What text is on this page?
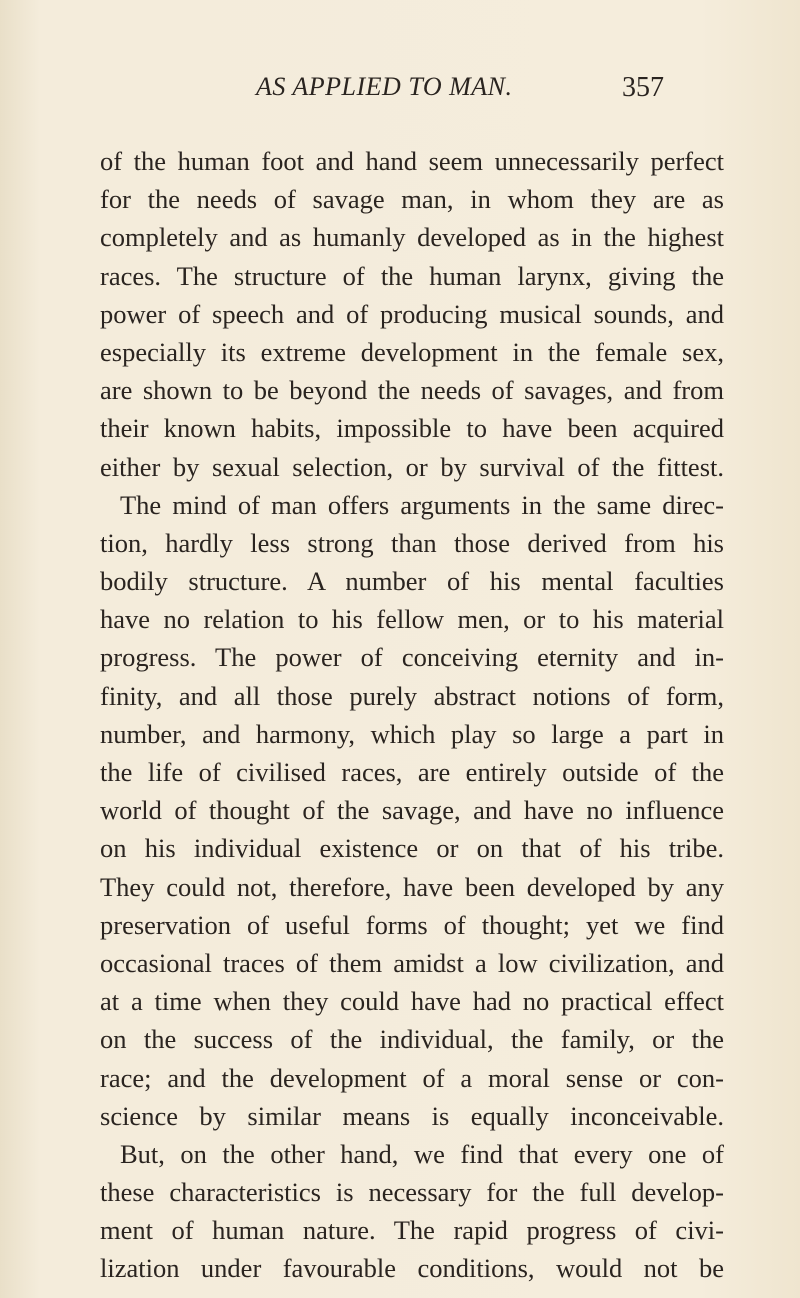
AS APPLIED TO MAN.	357
of the human foot and hand seem unnecessarily perfect
for the needs of savage man, in whom they are as
completely and as humanly developed as in the highest
races. The structure of the human larynx, giving the
power of speech and of producing musical sounds, and
especially its extreme development in the female sex,
are shown to be beyond the needs of savages, and from
their known habits, impossible to have been acquired
either by sexual selection, or by survival of the fittest.
The mind of man offers arguments in the same direc-
tion, hardly less strong than those derived from his
bodily structure. A number of his mental faculties
have no relation to his fellow men, or to his material
progress. The power of conceiving eternity and in-
finity, and all those purely abstract notions of form,
number, and harmony, which play so large a part in
the life of civilised races, are entirely outside of the
world of thought of the savage, and have no influence
on his individual existence or on that of his tribe.
They could not, therefore, have been developed by any
preservation of useful forms of thought; yet we find
occasional traces of them amidst a low civilization, and
at a time when they could have had no practical effect
on the success of the individual, the family, or the
race; and the development of a moral sense or con-
science by similar means is equally inconceivable.
But, on the other hand, we find that every one of
these characteristics is necessary for the full develop-
ment of human nature. The rapid progress of civi-
lization under favourable conditions, would not be
